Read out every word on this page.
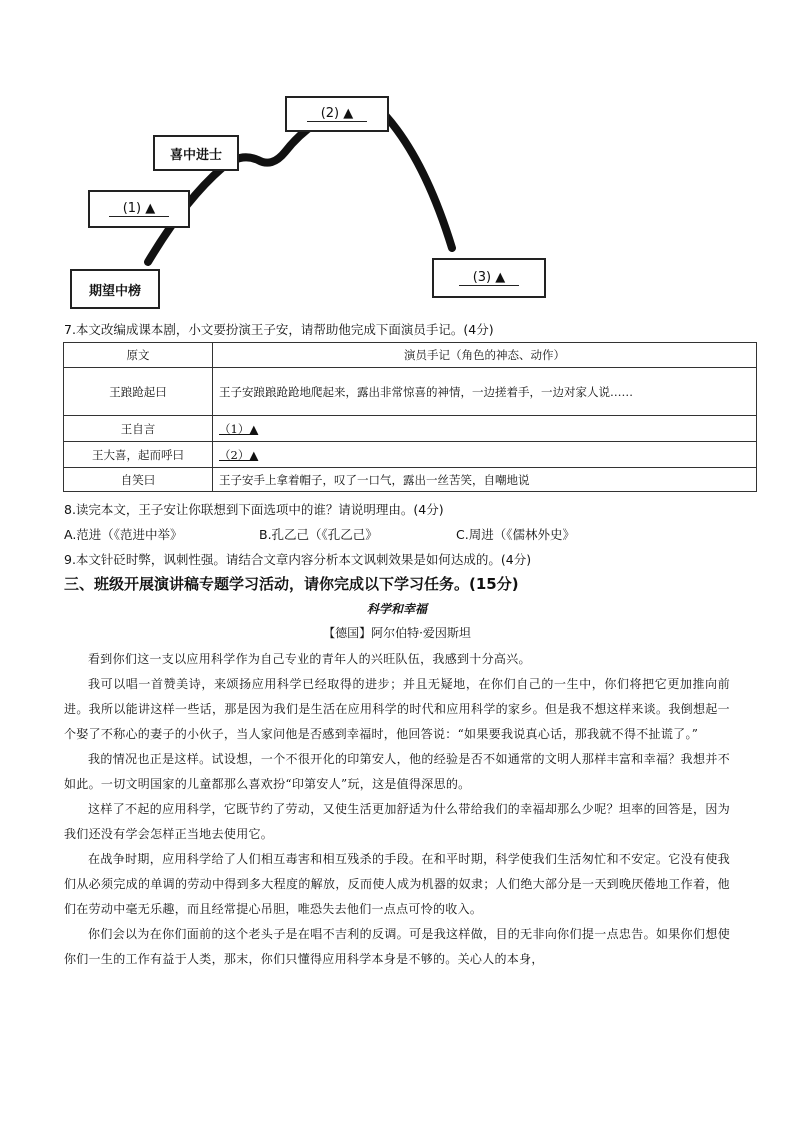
(1) ▲
喜中进士
(2) ▲
(3) ▲
期望中榜
7.本文改编成课本剧，小文要扮演王子安，请帮助他完成下面演员手记。(4分)
原文	演员手记（角色的神态、动作）
王踉跄起曰	王子安踉踉跄跄地爬起来，露出非常惊喜的神情，一边搓着手，一边对家人说……
王自言	（1）▲
王大喜，起而呼曰	（2）▲
自笑曰	王子安手上拿着帽子，叹了一口气，露出一丝苦笑，自嘲地说
8.读完本文，王子安让你联想到下面选项中的谁？请说明理由。(4分)
A.范进（《范进中举》	B.孔乙己（《孔乙己》	C.周进（《儒林外史》
9.本文针砭时弊，讽刺性强。请结合文章内容分析本文讽刺效果是如何达成的。(4分)
三、班级开展演讲稿专题学习活动，请你完成以下学习任务。(15分)
科学和幸福
【德国】阿尔伯特·爱因斯坦

看到你们这一支以应用科学作为自己专业的青年人的兴旺队伍，我感到十分高兴。

我可以唱一首赞美诗，来颂扬应用科学已经取得的进步；并且无疑地，在你们自己的一生中，你们将把它更加推向前进。我所以能讲这样一些话，那是因为我们是生活在应用科学的时代和应用科学的家乡。但是我不想这样来谈。我倒想起一个娶了不称心的妻子的小伙子，当人家问他是否感到幸福时，他回答说：“如果要我说真心话，那我就不得不扯谎了。”

我的情况也正是这样。试设想，一个不很开化的印第安人，他的经验是否不如通常的文明人那样丰富和幸福？我想并不如此。一切文明国家的儿童都那么喜欢扮“印第安人”玩，这是值得深思的。

这样了不起的应用科学，它既节约了劳动，又使生活更加舒适为什么带给我们的幸福却那么少呢？坦率的回答是，因为我们还没有学会怎样正当地去使用它。

在战争时期，应用科学给了人们相互毒害和相互残杀的手段。在和平时期，科学使我们生活匆忙和不安定。它没有使我们从必须完成的单调的劳动中得到多大程度的解放，反而使人成为机器的奴隶；人们绝大部分是一天到晚厌倦地工作着，他们在劳动中毫无乐趣，而且经常提心吊胆，唯恐失去他们一点点可怜的收入。

你们会以为在你们面前的这个老头子是在唱不吉利的反调。可是我这样做，目的无非向你们提一点忠告。如果你们想使你们一生的工作有益于人类，那末，你们只懂得应用科学本身是不够的。关心人的本身，
